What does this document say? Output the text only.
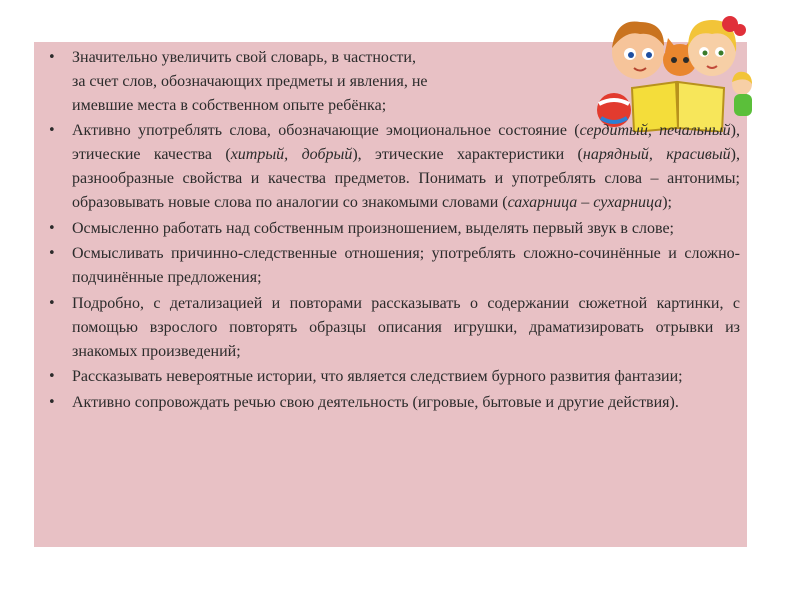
• Значительно увеличить свой словарь, в частности,
за счет слов, обозначающих предметы и явления, не
имевшие места в собственном опыте ребёнка;
• Активно употреблять слова, обозначающие эмоциональное состояние (сердитый, печальный), этические качества (хитрый, добрый), этические характеристики (нарядный, красивый), разнообразные свойства и качества предметов. Понимать и употреблять слова – антонимы; образовывать новые слова по аналогии со знакомыми словами (сахарница – сухарница);
• Осмысленно работать над собственным произношением, выделять первый звук в слове;
• Осмысливать причинно-следственные отношения; употреблять сложно-сочинённые и сложно-подчинённые предложения;
• Подробно, с детализацией и повторами рассказывать о содержании сюжетной картинки, с помощью взрослого повторять образцы описания игрушки, драматизировать отрывки из знакомых произведений;
• Рассказывать невероятные истории, что является следствием бурного развития фантазии;
• Активно сопровождать речью свою деятельность (игровые, бытовые и другие действия).
